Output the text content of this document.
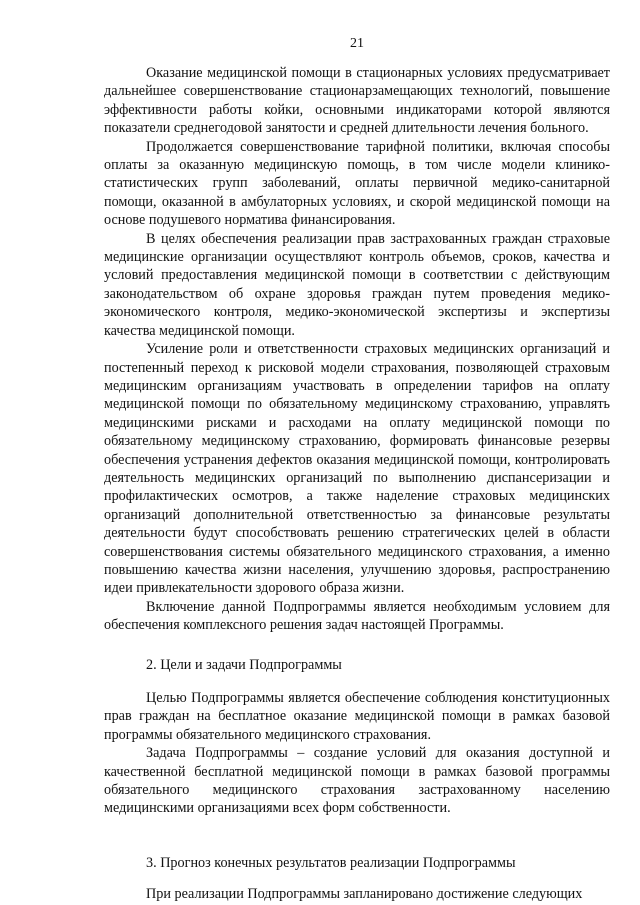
21

Оказание медицинской помощи в стационарных условиях предусматривает дальнейшее совершенствование стационарзамещающих технологий, повышение эффективности работы койки, основными индикаторами которой являются показатели среднегодовой занятости и средней длительности лечения больного.

Продолжается совершенствование тарифной политики, включая способы оплаты за оказанную медицинскую помощь, в том числе модели клинико-статистических групп заболеваний, оплаты первичной медико-санитарной помощи, оказанной в амбулаторных условиях, и скорой медицинской помощи на основе подушевого норматива финансирования.

В целях обеспечения реализации прав застрахованных граждан страховые медицинские организации осуществляют контроль объемов, сроков, качества и условий предоставления медицинской помощи в соответствии с действующим законодательством об охране здоровья граждан путем проведения медико-экономического контроля, медико-экономической экспертизы и экспертизы качества медицинской помощи.

Усиление роли и ответственности страховых медицинских организаций и постепенный переход к рисковой модели страхования, позволяющей страховым медицинским организациям участвовать в определении тарифов на оплату медицинской помощи по обязательному медицинскому страхованию, управлять медицинскими рисками и расходами на оплату медицинской помощи по обязательному медицинскому страхованию, формировать финансовые резервы обеспечения устранения дефектов оказания медицинской помощи, контролировать деятельность медицинских организаций по выполнению диспансеризации и профилактических осмотров, а также наделение страховых медицинских организаций дополнительной ответственностью за финансовые результаты деятельности будут способствовать решению стратегических целей в области совершенствования системы обязательного медицинского страхования, а именно повышению качества жизни населения, улучшению здоровья, распространению идеи привлекательности здорового образа жизни.

Включение данной Подпрограммы является необходимым условием для обеспечения комплексного решения задач настоящей Программы.

2. Цели и задачи Подпрограммы

Целью Подпрограммы является обеспечение соблюдения конституционных прав граждан на бесплатное оказание медицинской помощи в рамках базовой программы обязательного медицинского страхования.

Задача Подпрограммы – создание условий для оказания доступной и качественной бесплатной медицинской помощи в рамках базовой программы обязательного медицинского страхования застрахованному населению медицинскими организациями всех форм собственности.

3. Прогноз конечных результатов реализации Подпрограммы

При реализации Подпрограммы запланировано достижение следующих
